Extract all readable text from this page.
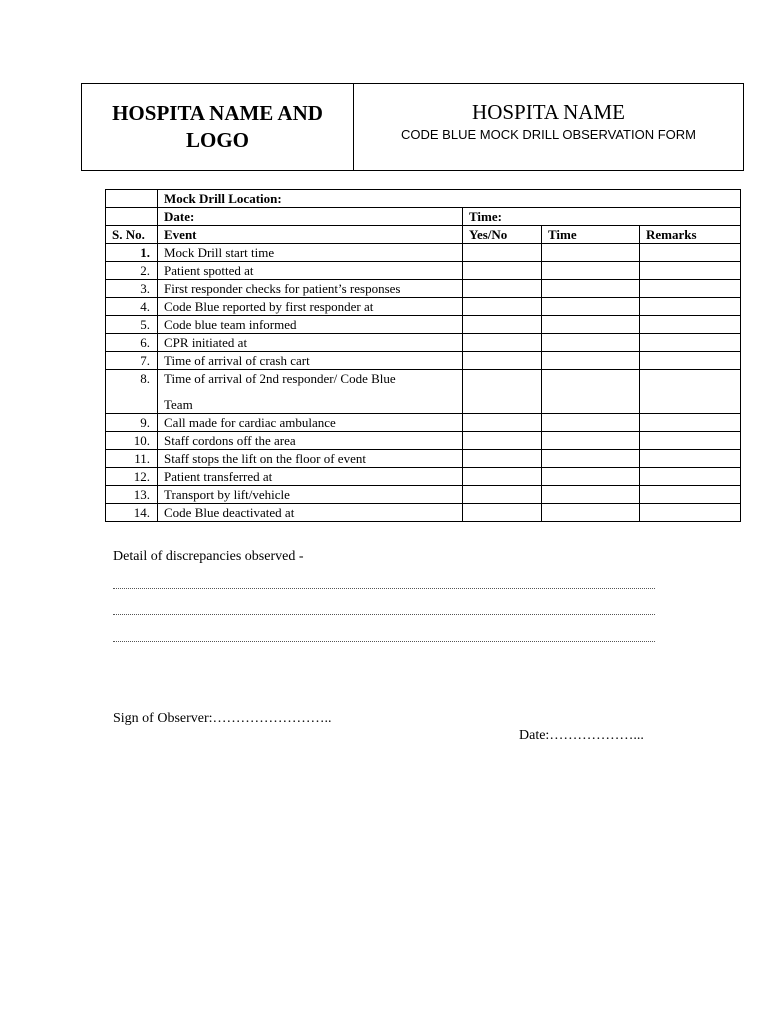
HOSPITA NAME AND LOGO
HOSPITA NAME
CODE BLUE MOCK DRILL OBSERVATION FORM
	Mock Drill Location:			
	Date:	Time:		
S. No.	Event	Yes/No	Time	Remarks
1.	Mock Drill start time			
2.	Patient spotted at			
3.	First responder checks for patient’s responses			
4.	Code Blue reported by first responder at			
5.	Code blue team informed			
6.	CPR initiated at			
7.	Time of arrival of crash cart			
8.	Time of arrival of 2nd responder/ Code Blue
Team			

9.	Call made for cardiac ambulance			
10.	Staff cordons off the area			
11.	Staff stops the lift on the floor of event			
12.	Patient transferred at			
13.	Transport by lift/vehicle			
14.	Code Blue deactivated at			
Detail of discrepancies observed -
Sign of Observer:……………………..
Date:………………...
